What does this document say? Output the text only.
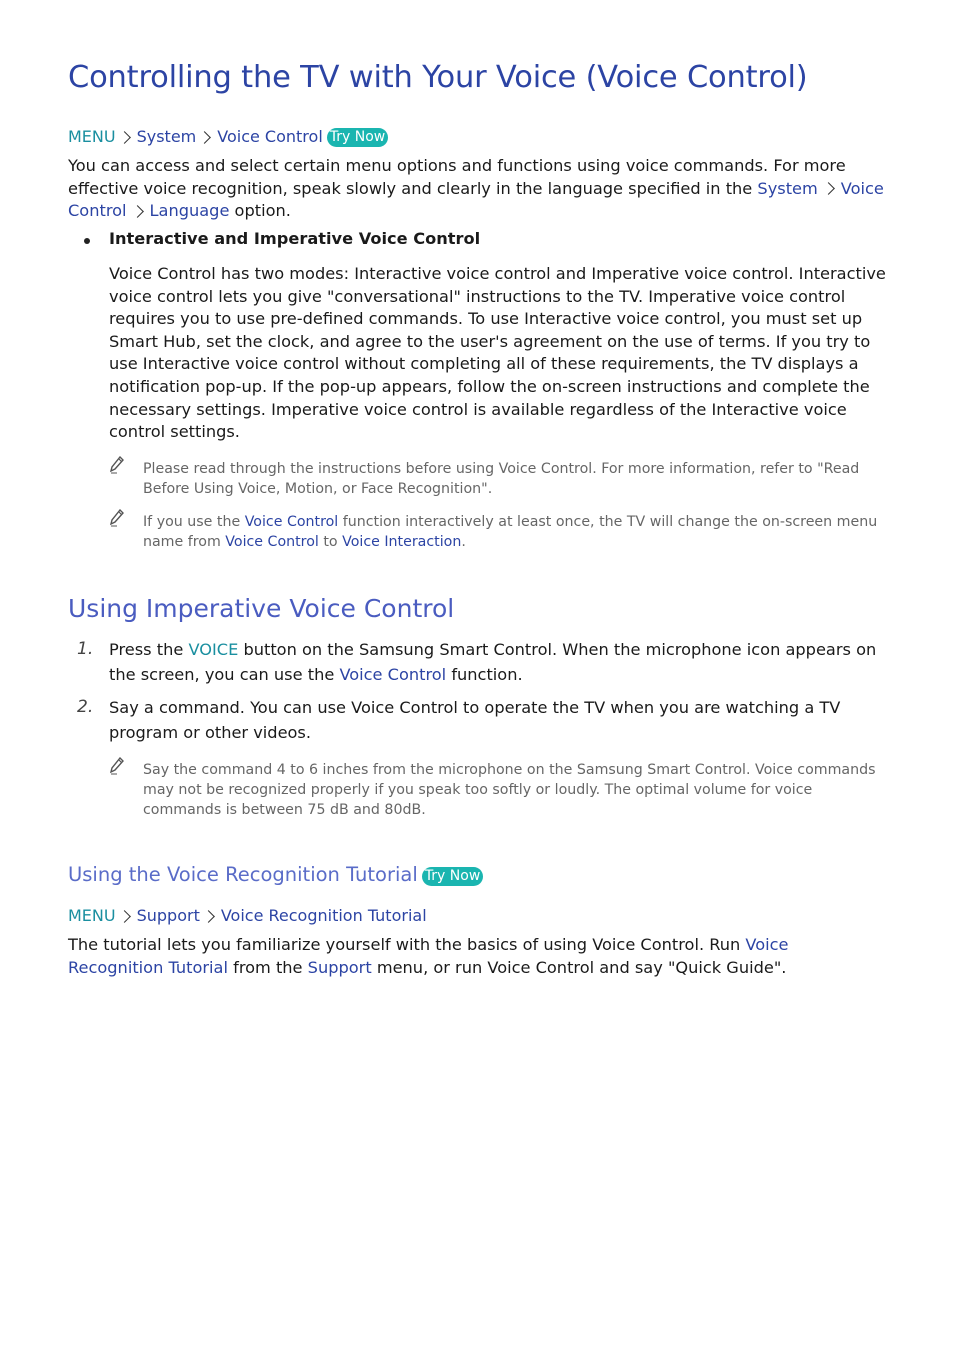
Controlling the TV with Your Voice (Voice Control)
MENU System Voice Control Try Now
You can access and select certain menu options and functions using voice commands. For more effective voice recognition, speak slowly and clearly in the language specified in the System Voice Control Language option.
Interactive and Imperative Voice Control
Voice Control has two modes: Interactive voice control and Imperative voice control. Interactive voice control lets you give "conversational" instructions to the TV. Imperative voice control requires you to use pre-defined commands. To use Interactive voice control, you must set up Smart Hub, set the clock, and agree to the user's agreement on the use of terms. If you try to use Interactive voice control without completing all of these requirements, the TV displays a notification pop-up. If the pop-up appears, follow the on-screen instructions and complete the necessary settings. Imperative voice control is available regardless of the Interactive voice control settings.
Please read through the instructions before using Voice Control. For more information, refer to "Read Before Using Voice, Motion, or Face Recognition".
If you use the Voice Control function interactively at least once, the TV will change the on-screen menu name from Voice Control to Voice Interaction.
Using Imperative Voice Control
1. Press the VOICE button on the Samsung Smart Control. When the microphone icon appears on the screen, you can use the Voice Control function.
2. Say a command. You can use Voice Control to operate the TV when you are watching a TV program or other videos.
Say the command 4 to 6 inches from the microphone on the Samsung Smart Control. Voice commands may not be recognized properly if you speak too softly or loudly. The optimal volume for voice commands is between 75 dB and 80dB.
Using the Voice Recognition Tutorial Try Now
MENU Support Voice Recognition Tutorial
The tutorial lets you familiarize yourself with the basics of using Voice Control. Run Voice Recognition Tutorial from the Support menu, or run Voice Control and say "Quick Guide".
